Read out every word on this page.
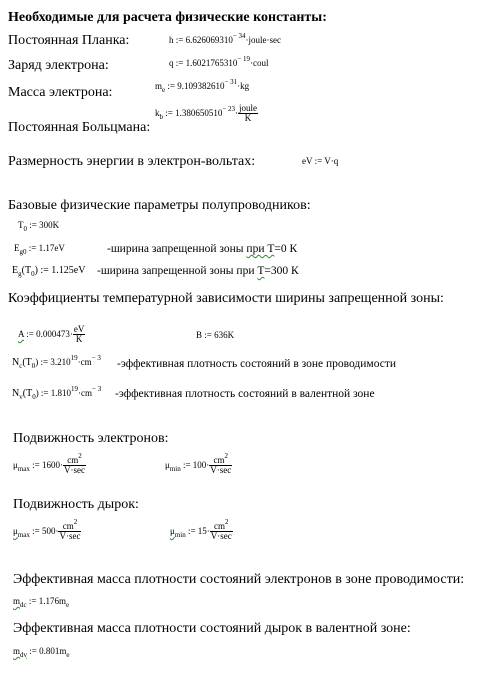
Необходимые для расчета физические константы:
Постоянная Планка:	h := $6.626069310^{- 34}\cdot joule\cdot\sec$
Заряд электрона:	q := $1.6021765310^{- 19}\cdot coul$
Масса электрона:	$m_e$ := $9.109382610^{- 31}\cdot kg$
Постоянная Больцмана:
$k_b$ := $1.380650510^{- 23}\cdot \frac{\text{joule}}{K}$
Размерность энергии в электрон-вольтах:	eV := V·q
Базовые физические параметры полупроводников:
$T_0$ := 300K
$E_{g0}$ := 1.17eV	-ширина запрещенной зоны при Т=0 К
$E_g(T_0)$ := 1.125eV -ширина запрещенной зоны при Т=300 К
Коэффициенты температурной зависимости ширины запрещенной зоны:
A := $0.000473\cdot \frac{eV}{K}$	B := 636K
$N_c(T_0)$ := $3.210^{19}\cdot cm^{- 3}$ -эффективная плотность состояний в зоне проводимости
$N_v(T_0)$ := $1.810^{19}\cdot cm^{- 3}$ -эффективная плотность состояний в валентной зоне
Подвижность электронов:
$\mu_{max}$ := $1600\cdot \frac{cm^2}{V\cdot\sec}$	$\mu_{min}$ := $100\cdot \frac{cm^2}{V\cdot\sec}$
Подвижность дырок:
$\mu_{max}$ := $500\cdot \frac{cm^2}{V\cdot\sec}$	$\mu_{min}$ := $15\cdot \frac{cm^2}{V\cdot\sec}$
Эффективная масса плотности состояний электронов в зоне проводимости:
$m_{dc}$ := $1.176m_e$
Эффективная масса плотности состояний дырок в валентной зоне:
$m_{dv}$ := $0.801m_e$
